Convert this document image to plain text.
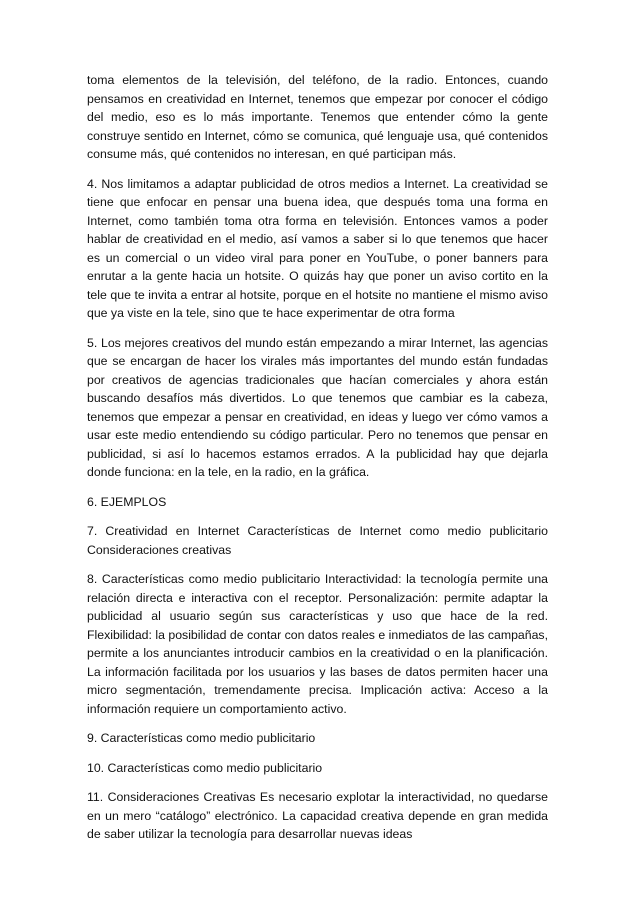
toma elementos de la televisión, del teléfono, de la radio. Entonces, cuando pensamos en creatividad en Internet, tenemos que empezar por conocer el código del medio, eso es lo más importante. Tenemos que entender cómo la gente construye sentido en Internet, cómo se comunica, qué lenguaje usa, qué contenidos consume más, qué contenidos no interesan, en qué participan más.

4. Nos limitamos a adaptar publicidad de otros medios a Internet. La creatividad se tiene que enfocar en pensar una buena idea, que después toma una forma en Internet, como también toma otra forma en televisión. Entonces vamos a poder hablar de creatividad en el medio, así vamos a saber si lo que tenemos que hacer es un comercial o un video viral para poner en YouTube, o poner banners para enrutar a la gente hacia un hotsite. O quizás hay que poner un aviso cortito en la tele que te invita a entrar al hotsite, porque en el hotsite no mantiene el mismo aviso que ya viste en la tele, sino que te hace experimentar de otra forma

5. Los mejores creativos del mundo están empezando a mirar Internet, las agencias que se encargan de hacer los virales más importantes del mundo están fundadas por creativos de agencias tradicionales que hacían comerciales y ahora están buscando desafíos más divertidos. Lo que tenemos que cambiar es la cabeza, tenemos que empezar a pensar en creatividad, en ideas y luego ver cómo vamos a usar este medio entendiendo su código particular. Pero no tenemos que pensar en publicidad, si así lo hacemos estamos errados. A la publicidad hay que dejarla donde funciona: en la tele, en la radio, en la gráfica.

6. EJEMPLOS

7. Creatividad en Internet Características de Internet como medio publicitario Consideraciones creativas

8. Características como medio publicitario Interactividad: la tecnología permite una relación directa e interactiva con el receptor. Personalización: permite adaptar la publicidad al usuario según sus características y uso que hace de la red. Flexibilidad: la posibilidad de contar con datos reales e inmediatos de las campañas, permite a los anunciantes introducir cambios en la creatividad o en la planificación. La información facilitada por los usuarios y las bases de datos permiten hacer una micro segmentación, tremendamente precisa. Implicación activa: Acceso a la información requiere un comportamiento activo.

9. Características como medio publicitario

10. Características como medio publicitario

11. Consideraciones Creativas Es necesario explotar la interactividad, no quedarse en un mero “catálogo” electrónico. La capacidad creativa depende en gran medida de saber utilizar la tecnología para desarrollar nuevas ideas
